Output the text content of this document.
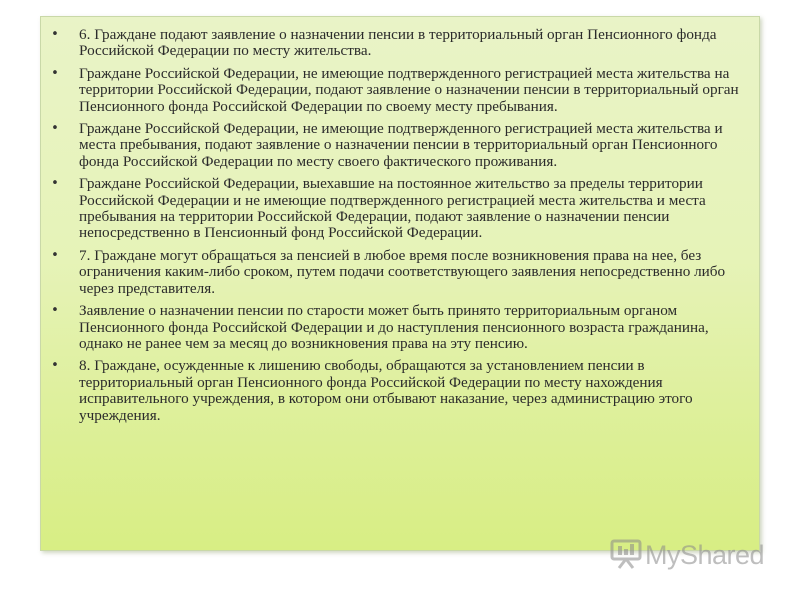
• 6. Граждане подают заявление о назначении пенсии в территориальный орган Пенсионного фонда Российской Федерации по месту жительства.
• Граждане Российской Федерации, не имеющие подтвержденного регистрацией места жительства на территории Российской Федерации, подают заявление о назначении пенсии в территориальный орган Пенсионного фонда Российской Федерации по своему месту пребывания.
• Граждане Российской Федерации, не имеющие подтвержденного регистрацией места жительства и места пребывания, подают заявление о назначении пенсии в территориальный орган Пенсионного фонда Российской Федерации по месту своего фактического проживания.
• Граждане Российской Федерации, выехавшие на постоянное жительство за пределы территории Российской Федерации и не имеющие подтвержденного регистрацией места жительства и места пребывания на территории Российской Федерации, подают заявление о назначении пенсии непосредственно в Пенсионный фонд Российской Федерации.
• 7. Граждане могут обращаться за пенсией в любое время после возникновения права на нее, без ограничения каким-либо сроком, путем подачи соответствующего заявления непосредственно либо через представителя.
• Заявление о назначении пенсии по старости может быть принято территориальным органом Пенсионного фонда Российской Федерации и до наступления пенсионного возраста гражданина, однако не ранее чем за месяц до возникновения права на эту пенсию.
• 8. Граждане, осужденные к лишению свободы, обращаются за установлением пенсии в территориальный орган Пенсионного фонда Российской Федерации по месту нахождения исправительного учреждения, в котором они отбывают наказание, через администрацию этого учреждения.
MyShared
